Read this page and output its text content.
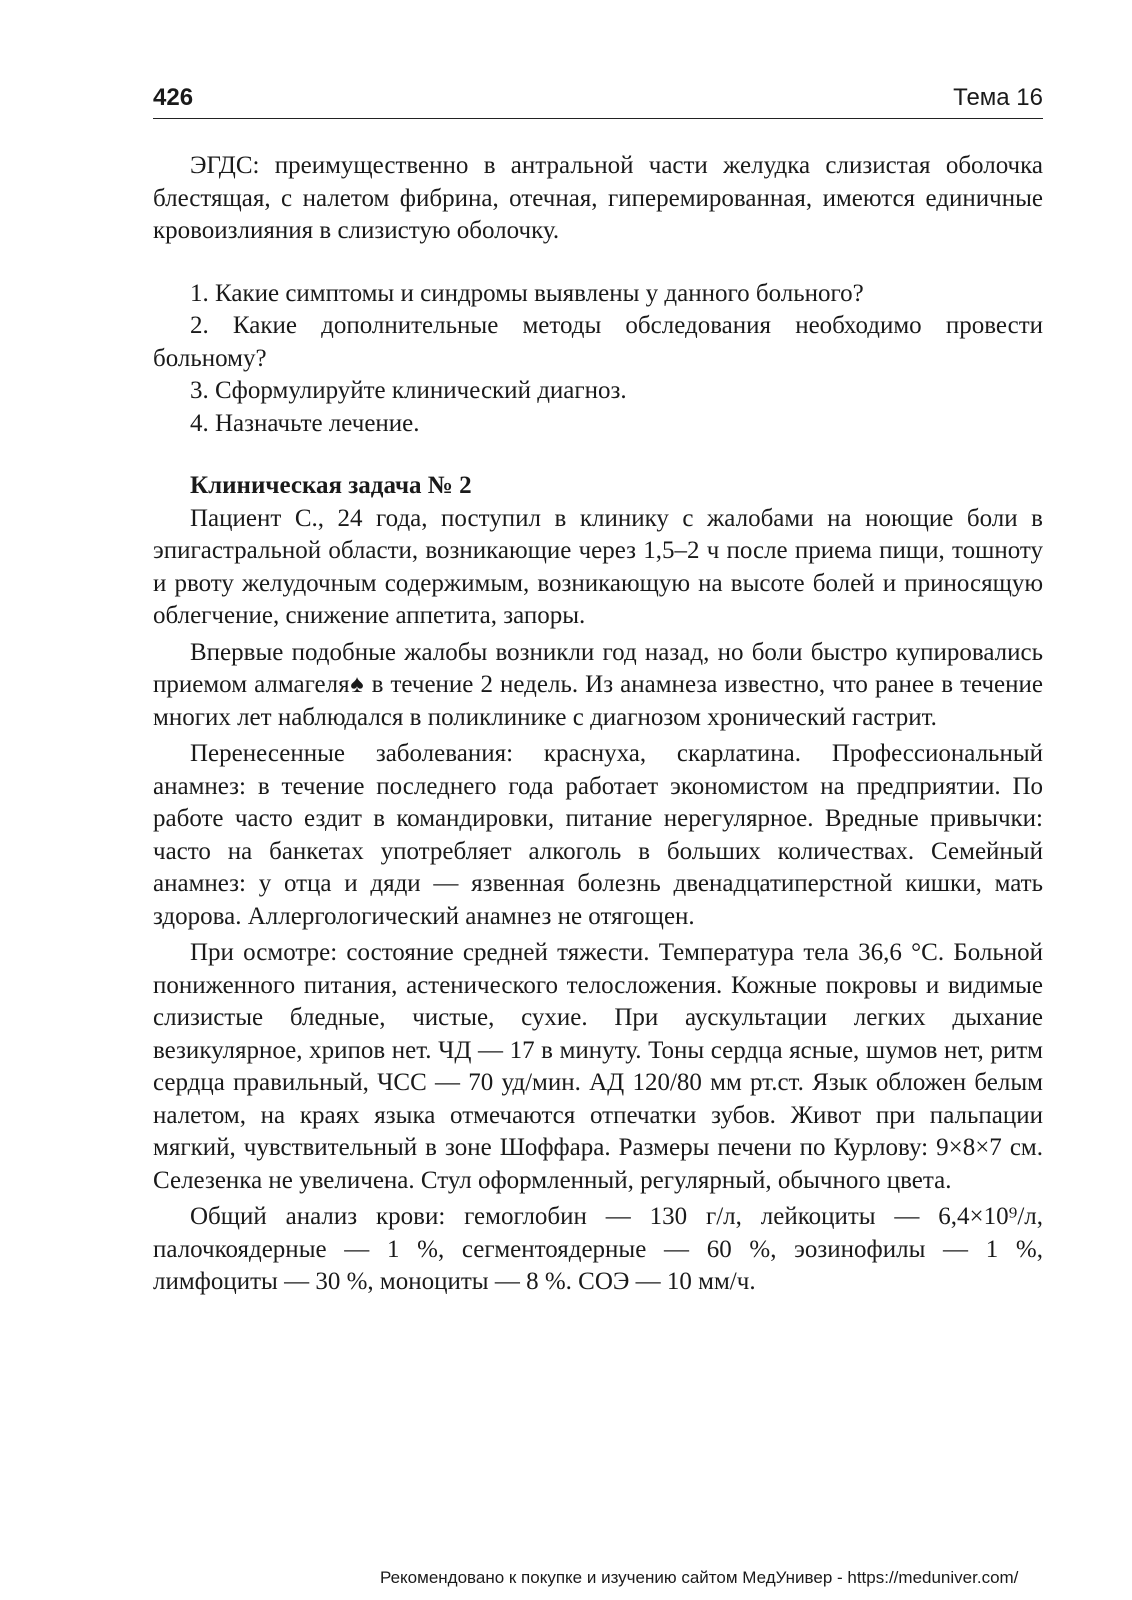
426	Тема 16

ЭГДС: преимущественно в антральной части желудка слизистая оболочка блестящая, с налетом фибрина, отечная, гиперемированная, имеются единичные кровоизлияния в слизистую оболочку.

1. Какие симптомы и синдромы выявлены у данного больного?

2. Какие дополнительные методы обследования необходимо провести больному?

3. Сформулируйте клинический диагноз.

4. Назначьте лечение.

Клиническая задача № 2

Пациент С., 24 года, поступил в клинику с жалобами на ноющие боли в эпигастральной области, возникающие через 1,5–2 ч после приема пищи, тошноту и рвоту желудочным содержимым, возникающую на высоте болей и приносящую облегчение, снижение аппетита, запоры.

Впервые подобные жалобы возникли год назад, но боли быстро купировались приемом алмагеля♠ в течение 2 недель. Из анамнеза известно, что ранее в течение многих лет наблюдался в поликлинике с диагнозом хронический гастрит.

Перенесенные заболевания: краснуха, скарлатина. Профессиональный анамнез: в течение последнего года работает экономистом на предприятии. По работе часто ездит в командировки, питание нерегулярное. Вредные привычки: часто на банкетах употребляет алкоголь в больших количествах. Семейный анамнез: у отца и дяди — язвенная болезнь двенадцатиперстной кишки, мать здорова. Аллергологический анамнез не отягощен.

При осмотре: состояние средней тяжести. Температура тела 36,6 °С. Больной пониженного питания, астенического телосложения. Кожные покровы и видимые слизистые бледные, чистые, сухие. При аускультации легких дыхание везикулярное, хрипов нет. ЧД — 17 в минуту. Тоны сердца ясные, шумов нет, ритм сердца правильный, ЧСС — 70 уд/мин. АД 120/80 мм рт.ст. Язык обложен белым налетом, на краях языка отмечаются отпечатки зубов. Живот при пальпации мягкий, чувствительный в зоне Шоффара. Размеры печени по Курлову: 9×8×7 см. Селезенка не увеличена. Стул оформленный, регулярный, обычного цвета.

Общий анализ крови: гемоглобин — 130 г/л, лейкоциты — 6,4×10⁹/л, палочкоядерные — 1 %, сегментоядерные — 60 %, эозинофилы — 1 %, лимфоциты — 30 %, моноциты — 8 %. СОЭ — 10 мм/ч.

Рекомендовано к покупке и изучению сайтом МедУнивер - https://meduniver.com/
